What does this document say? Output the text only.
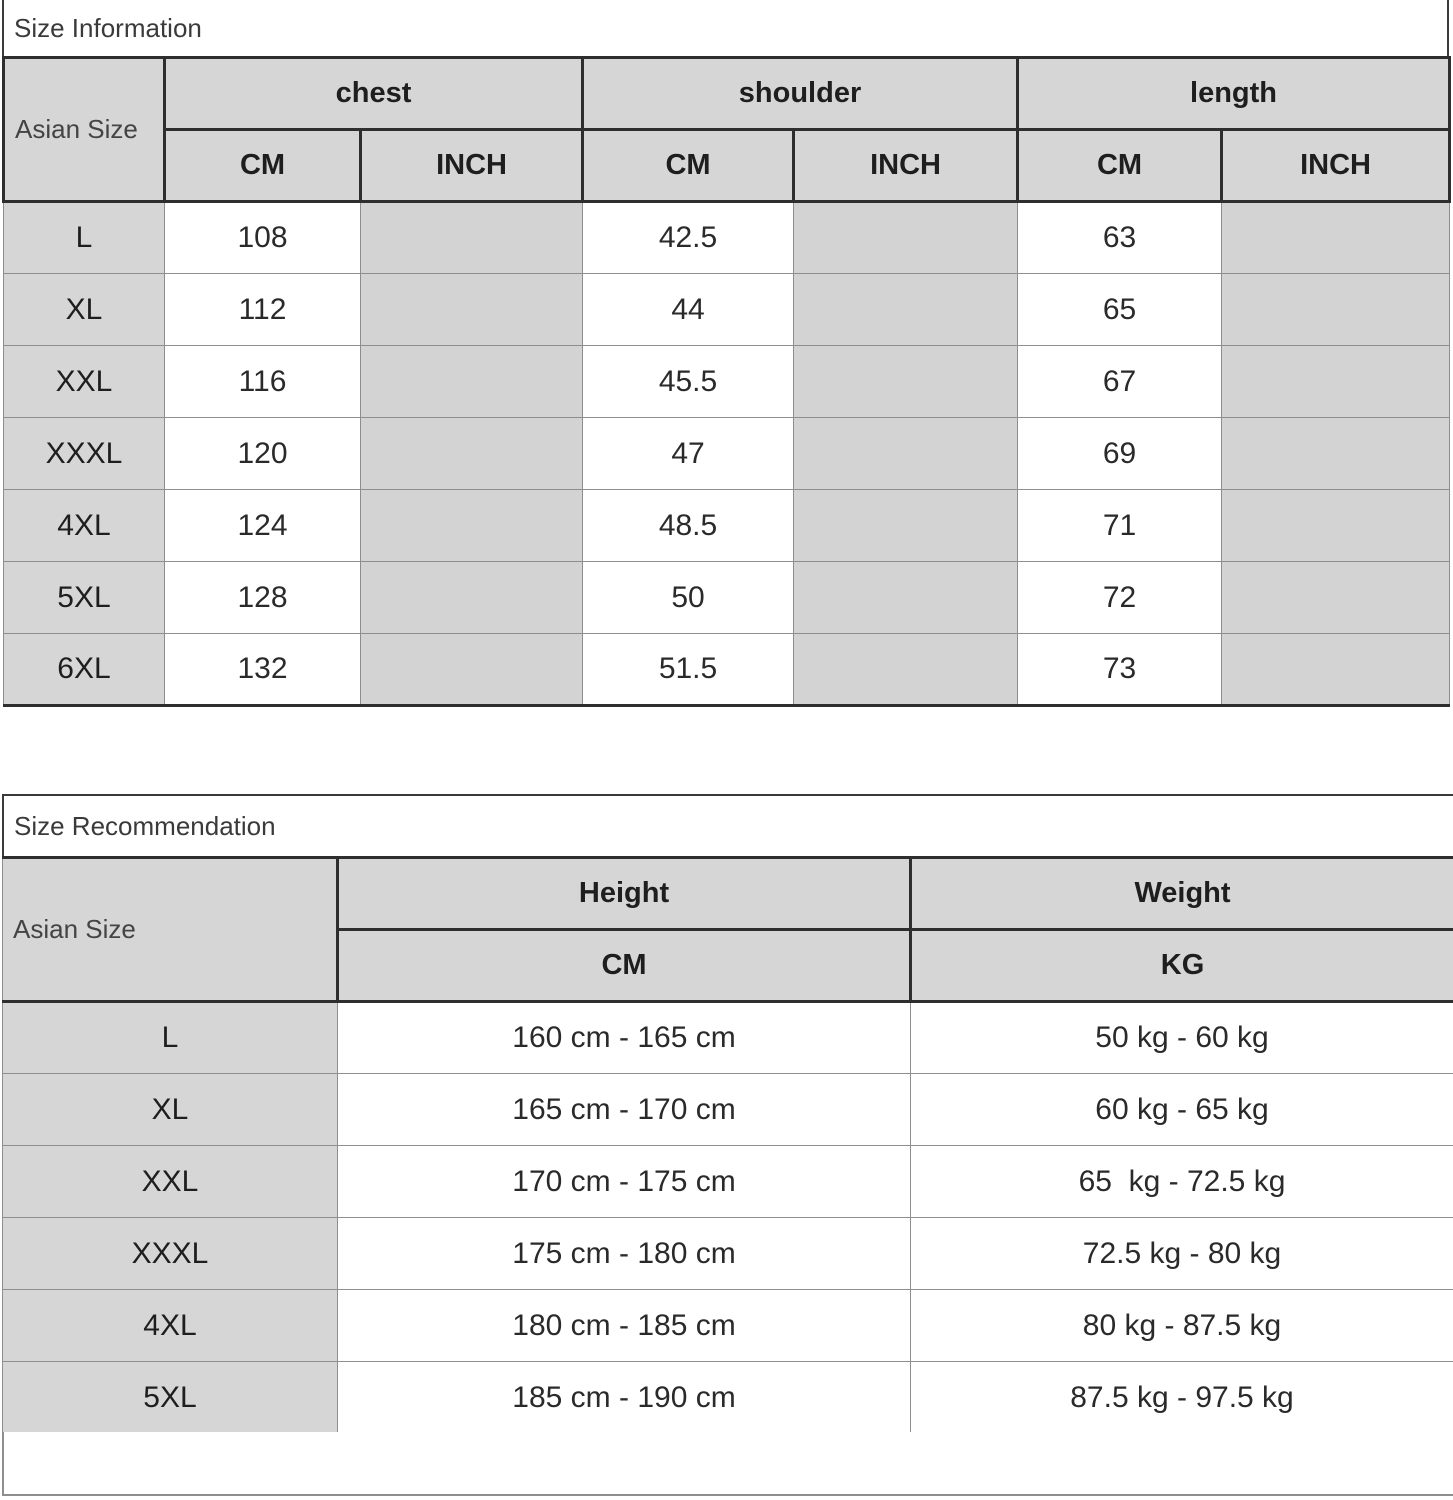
Size Information
Asian Size	chest		shoulder		length	
	CM	INCH	CM	INCH	CM	INCH
L	108		42.5		63	
XL	112		44		65	
XXL	116		45.5		67	
XXXL	120		47		69	
4XL	124		48.5		71	
5XL	128		50		72	
6XL	132		51.5		73	
Size Recommendation
Asian Size	Height	Weight
	CM	KG
L	160 cm - 165 cm	50 kg - 60 kg
XL	165 cm - 170 cm	60 kg - 65 kg
XXL	170 cm - 175 cm	65  kg - 72.5 kg
XXXL	175 cm - 180 cm	72.5 kg - 80 kg
4XL	180 cm - 185 cm	80 kg - 87.5 kg
5XL	185 cm - 190 cm	87.5 kg - 97.5 kg
